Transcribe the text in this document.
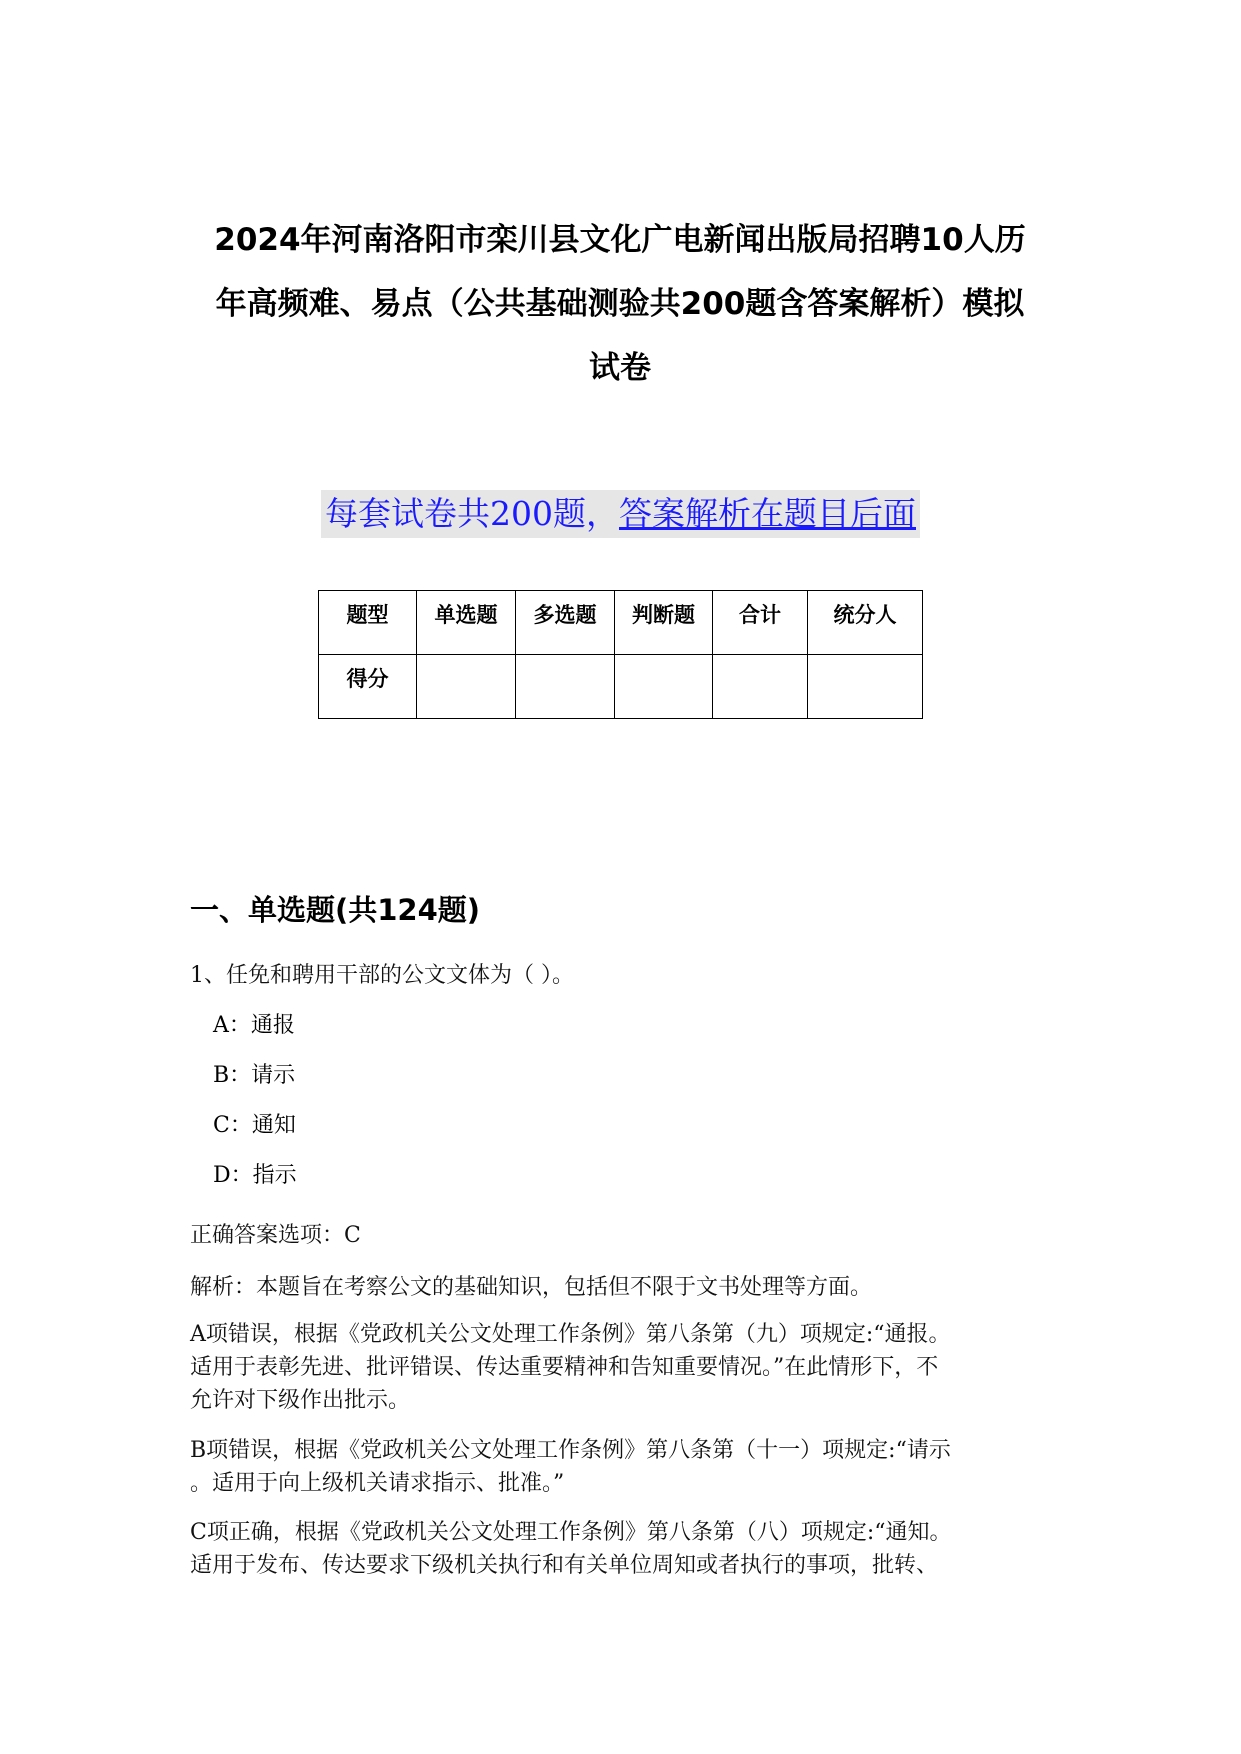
2024年河南洛阳市栾川县文化广电新闻出版局招聘10人历
年高频难、易点（公共基础测验共200题含答案解析）模拟
试卷
每套试卷共200题，答案解析在题目后面
题型	单选题	多选题	判断题	合计	统分人
得分					
一、单选题(共124题)
1、任免和聘用干部的公文文体为（ ）。
A：通报
B：请示
C：通知
D：指示
正确答案选项：C
解析：本题旨在考察公文的基础知识，包括但不限于文书处理等方面。
A项错误，根据《党政机关公文处理工作条例》第八条第（九）项规定:“通报。
适用于表彰先进、批评错误、传达重要精神和告知重要情况。”在此情形下，不
允许对下级作出批示。
B项错误，根据《党政机关公文处理工作条例》第八条第（十一）项规定:“请示
。适用于向上级机关请求指示、批准。”
C项正确，根据《党政机关公文处理工作条例》第八条第（八）项规定:“通知。
适用于发布、传达要求下级机关执行和有关单位周知或者执行的事项，批转、
